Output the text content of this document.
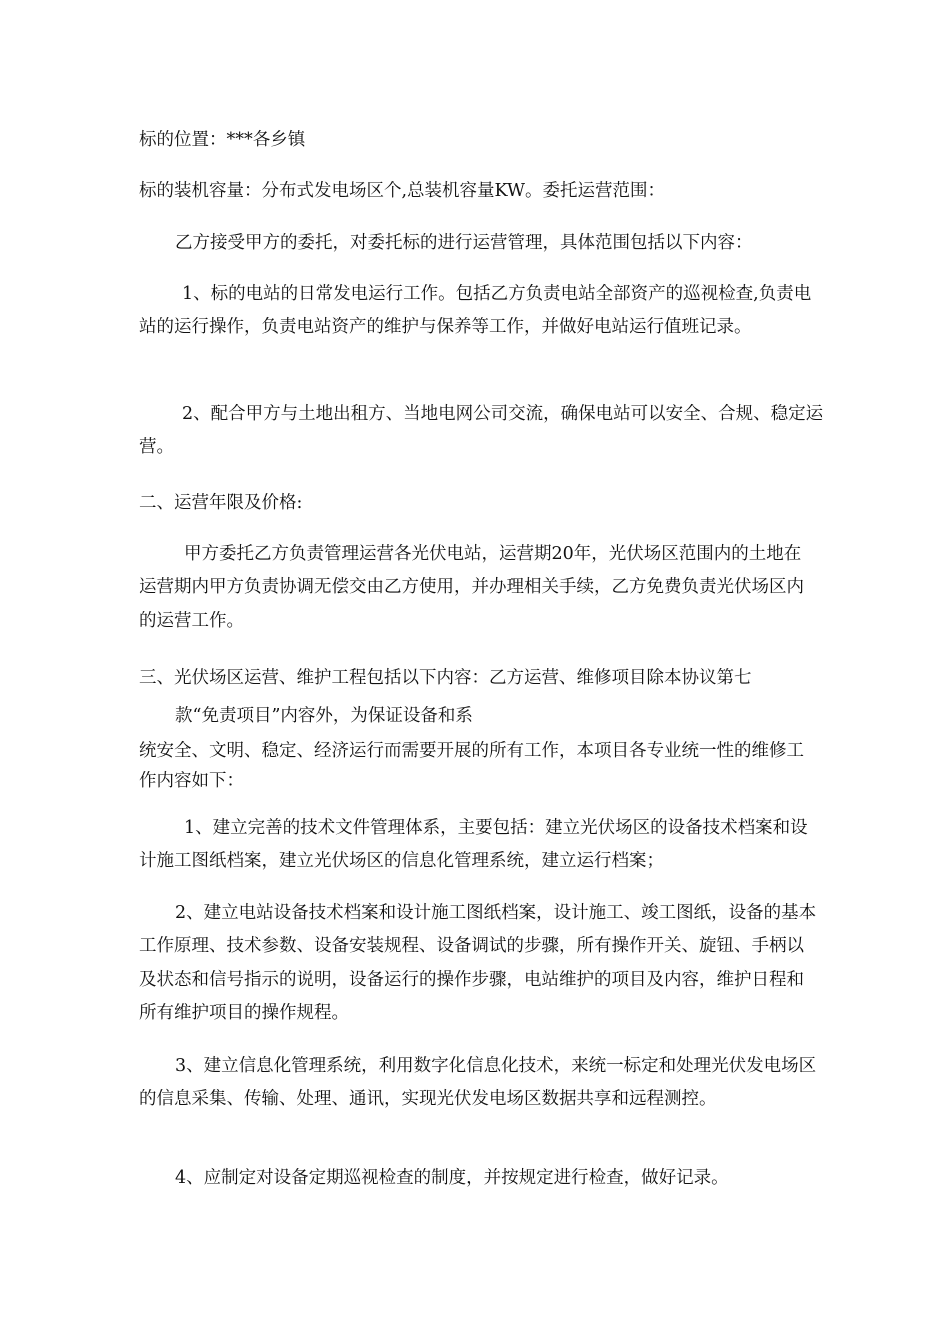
标的位置：***各乡镇

标的装机容量：分布式发电场区个,总装机容量KW。委托运营范围：

乙方接受甲方的委托，对委托标的进行运营管理，具体范围包括以下内容：

1、标的电站的日常发电运行工作。包括乙方负责电站全部资产的巡视检查,负责电站的运行操作，负责电站资产的维护与保养等工作，并做好电站运行值班记录。

2、配合甲方与土地出租方、当地电网公司交流，确保电站可以安全、合规、稳定运营。

二、运营年限及价格:

甲方委托乙方负责管理运营各光伏电站，运营期20年，光伏场区范围内的土地在运营期内甲方负责协调无偿交由乙方使用，并办理相关手续，乙方免费负责光伏场区内的运营工作。

三、光伏场区运营、维护工程包括以下内容：乙方运营、维修项目除本协议第七

款“免责项目”内容外，为保证设备和系

统安全、文明、稳定、经济运行而需要开展的所有工作，本项目各专业统一性的维修工作内容如下：

1、建立完善的技术文件管理体系，主要包括：建立光伏场区的设备技术档案和设计施工图纸档案，建立光伏场区的信息化管理系统，建立运行档案；

2、建立电站设备技术档案和设计施工图纸档案，设计施工、竣工图纸，设备的基本工作原理、技术参数、设备安装规程、设备调试的步骤，所有操作开关、旋钮、手柄以及状态和信号指示的说明，设备运行的操作步骤，电站维护的项目及内容，维护日程和所有维护项目的操作规程。

3、建立信息化管理系统，利用数字化信息化技术，来统一标定和处理光伏发电场区的信息采集、传输、处理、通讯，实现光伏发电场区数据共享和远程测控。

4、应制定对设备定期巡视检查的制度，并按规定进行检查，做好记录。
